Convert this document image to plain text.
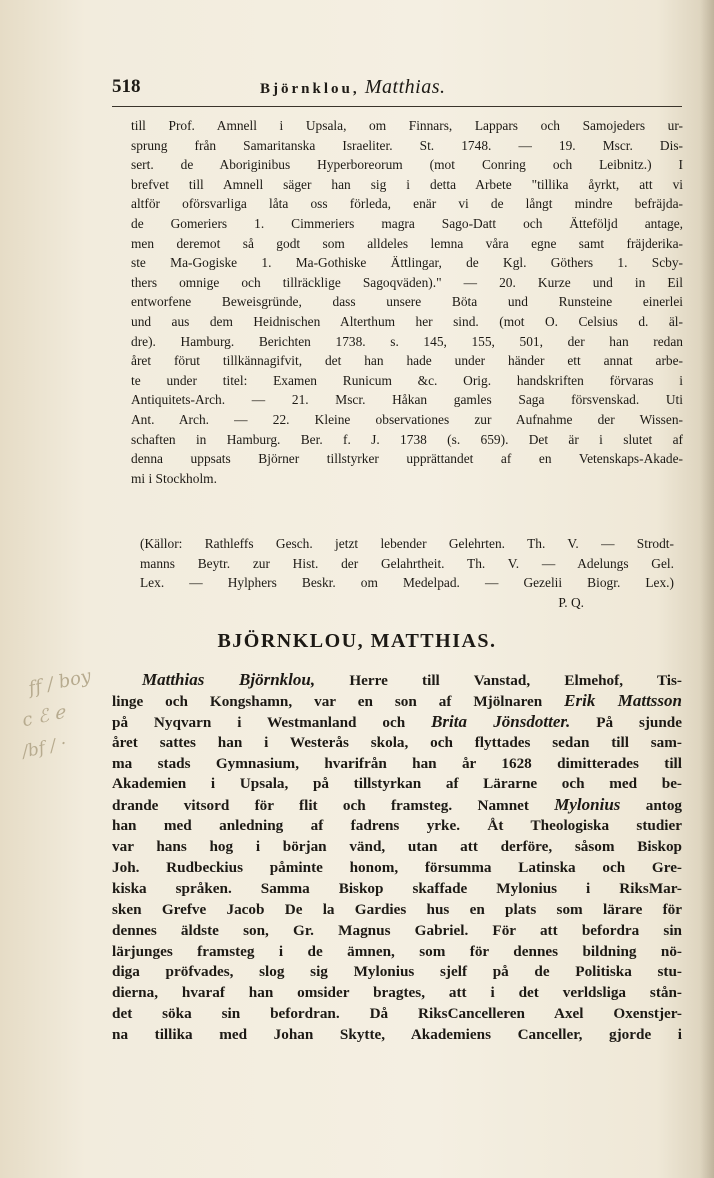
518	Björnklou, Matthias.
till Prof. Amnell i Upsala, om Finnars, Lappars och Samojeders ur-
sprung från Samaritanska Israeliter. St. 1748. — 19. Mscr. Dis-
sert. de Aboriginibus Hyperboreorum (mot Conring och Leibnitz.) I
brefvet till Amnell säger han sig i detta Arbete "tillika åyrkt, att vi
altför oförsvarliga låta oss förleda, enär vi de långt mindre befräjda-
de Gomeriers 1. Cimmeriers magra Sago-Datt och Ätteföljd antage,
men deremot så godt som alldeles lemna våra egne samt fräjderika-
ste Ma-Gogiske 1. Ma-Gothiske Ättlingar, de Kgl. Göthers 1. Scby-
thers omnige och tillräcklige Sagoqväden)." — 20. Kurze und in Eil
entworfene Beweisgründe, dass unsere Böta und Runsteine einerlei
und aus dem Heidnischen Alterthum her sind. (mot O. Celsius d. äl-
dre). Hamburg. Berichten 1738. s. 145, 155, 501, der han redan
året förut tillkännagifvit, det han hade under händer ett annat arbe-
te under titel: Examen Runicum &c. Orig. handskriften förvaras i
Antiquitets-Arch. — 21. Mscr. Håkan gamles Saga försvenskad. Uti
Ant. Arch. — 22. Kleine observationes zur Aufnahme der Wissen-
schaften in Hamburg. Ber. f. J. 1738 (s. 659). Det är i slutet af
denna uppsats Björner tillstyrker upprättandet af en Vetenskaps-Akade-
mi i Stockholm.
(Källor: Rathleffs Gesch. jetzt lebender Gelehrten. Th. V. — Strodt-
manns Beytr. zur Hist. der Gelahrtheit. Th. V. — Adelungs Gel.
Lex. — Hylphers Beskr. om Medelpad. — Gezelii Biogr. Lex.)
P. Q.
BJÖRNKLOU, MATTHIAS.
Matthias Björnklou, Herre till Vanstad, Elmehof, Tis-
linge och Kongshamn, var en son af Mjölnaren Erik Mattsson
på Nyqvarn i Westmanland och Brita Jönsdotter. På sjunde
året sattes han i Westerås skola, och flyttades sedan till sam-
ma stads Gymnasium, hvarifrån han år 1628 dimitterades till
Akademien i Upsala, på tillstyrkan af Lärarne och med be-
drande vitsord för flit och framsteg. Namnet Mylonius antog
han med anledning af fadrens yrke. Åt Theologiska studier
var hans hog i början vänd, utan att derföre, såsom Biskop
Joh. Rudbeckius påminte honom, försumma Latinska och Gre-
kiska språken. Samma Biskop skaffade Mylonius i RiksMar-
sken Grefve Jacob De la Gardies hus en plats som lärare för
dennes äldste son, Gr. Magnus Gabriel. För att befordra sin
lärjunges framsteg i de ämnen, som för dennes bildning nö-
diga pröfvades, slog sig Mylonius sjelf på de Politiska stu-
dierna, hvaraf han omsider bragtes, att i det verldsliga stån-
det söka sin befordran. Då RiksCancelleren Axel Oxenstjer-
na tillika med Johan Skytte, Akademiens Canceller, gjorde i
𝑓𝑓 / 𝑏𝑜𝑦
𝑐 ℰ ℯ
/𝑏𝑓 / ·
